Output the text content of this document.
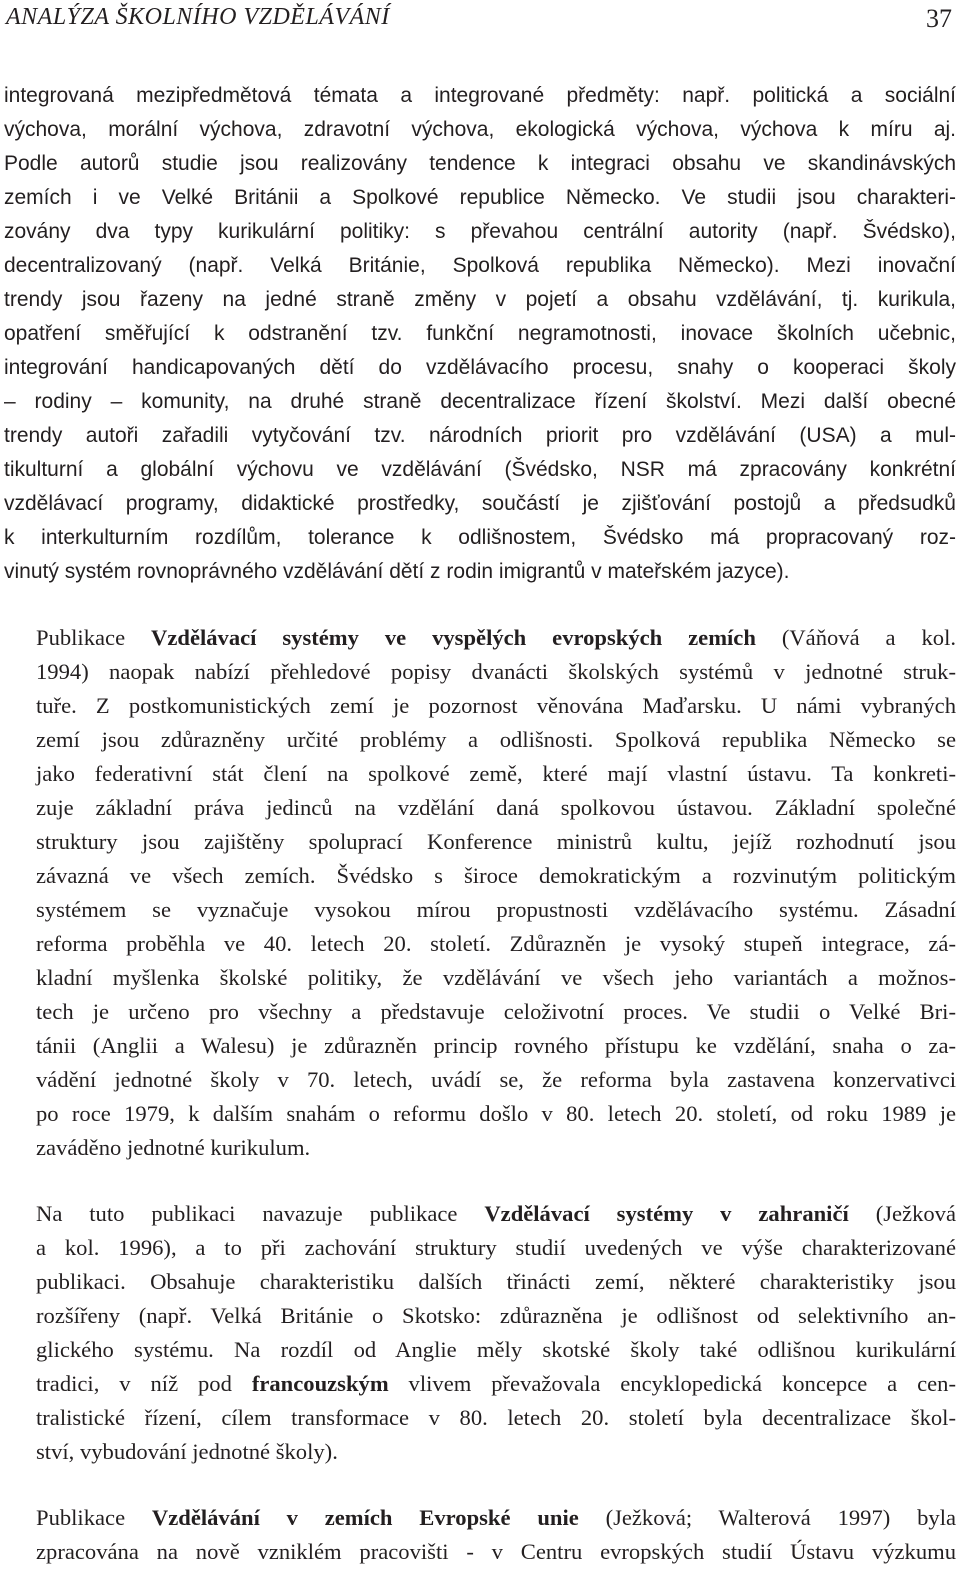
ANALÝZA ŠKOLNÍHO VZDĚLÁVÁNÍ	37

integrovaná mezipředmětová témata a integrované předměty: např. politická a sociální
výchova, morální výchova, zdravotní výchova, ekologická výchova, výchova k míru aj.
Podle autorů studie jsou realizovány tendence k integraci obsahu ve skandinávských
zemích i ve Velké Británii a Spolkové republice Německo. Ve studii jsou charakteri-
zovány dva typy kurikulární politiky: s převahou centrální autority (např. Švédsko),
decentralizovaný (např. Velká Británie, Spolková republika Německo). Mezi inovační
trendy jsou řazeny na jedné straně změny v pojetí a obsahu vzdělávání, tj. kurikula,
opatření směřující k odstranění tzv. funkční negramotnosti, inovace školních učebnic,
integrování handicapovaných dětí do vzdělávacího procesu, snahy o kooperaci školy
– rodiny – komunity, na druhé straně decentralizace řízení školství. Mezi další obecné
trendy autoři zařadili vytyčování tzv. národních priorit pro vzdělávání (USA) a mul-
tikulturní a globální výchovu ve vzdělávání (Švédsko, NSR má zpracovány konkrétní
vzdělávací programy, didaktické prostředky, součástí je zjišťování postojů a předsudků
k interkulturním rozdílům, tolerance k odlišnostem, Švédsko má propracovaný roz-
vinutý systém rovnoprávného vzdělávání dětí z rodin imigrantů v mateřském jazyce).

Publikace Vzdělávací systémy ve vyspělých evropských zemích (Váňová a kol.
1994) naopak nabízí přehledové popisy dvanácti školských systémů v jednotné struk-
tuře. Z postkomunistických zemí je pozornost věnována Maďarsku. U námi vybraných
zemí jsou zdůrazněny určité problémy a odlišnosti. Spolková republika Německo se
jako federativní stát člení na spolkové země, které mají vlastní ústavu. Ta konkreti-
zuje základní práva jedinců na vzdělání daná spolkovou ústavou. Základní společné
struktury jsou zajištěny spoluprací Konference ministrů kultu, jejíž rozhodnutí jsou
závazná ve všech zemích. Švédsko s široce demokratickým a rozvinutým politickým
systémem se vyznačuje vysokou mírou propustnosti vzdělávacího systému. Zásadní
reforma proběhla ve 40. letech 20. století. Zdůrazněn je vysoký stupeň integrace, zá-
kladní myšlenka školské politiky, že vzdělávání ve všech jeho variantách a možnos-
tech je určeno pro všechny a představuje celoživotní proces. Ve studii o Velké Bri-
tánii (Anglii a Walesu) je zdůrazněn princip rovného přístupu ke vzdělání, snaha o za-
vádění jednotné školy v 70. letech, uvádí se, že reforma byla zastavena konzervativci
po roce 1979, k dalším snahám o reformu došlo v 80. letech 20. století, od roku 1989 je
zaváděno jednotné kurikulum.

Na tuto publikaci navazuje publikace Vzdělávací systémy v zahraničí (Ježková
a kol. 1996), a to při zachování struktury studií uvedených ve výše charakterizované
publikaci. Obsahuje charakteristiku dalších třinácti zemí, některé charakteristiky jsou
rozšířeny (např. Velká Británie o Skotsko: zdůrazněna je odlišnost od selektivního an-
glického systému. Na rozdíl od Anglie měly skotské školy také odlišnou kurikulární
tradici, v níž pod francouzským vlivem převažovala encyklopedická koncepce a cen-
tralistické řízení, cílem transformace v 80. letech 20. století byla decentralizace škol-
ství, vybudování jednotné školy).

Publikace Vzdělávání v zemích Evropské unie (Ježková; Walterová 1997) byla
zpracována na nově vzniklém pracovišti - v Centru evropských studií Ústavu výzkumu
